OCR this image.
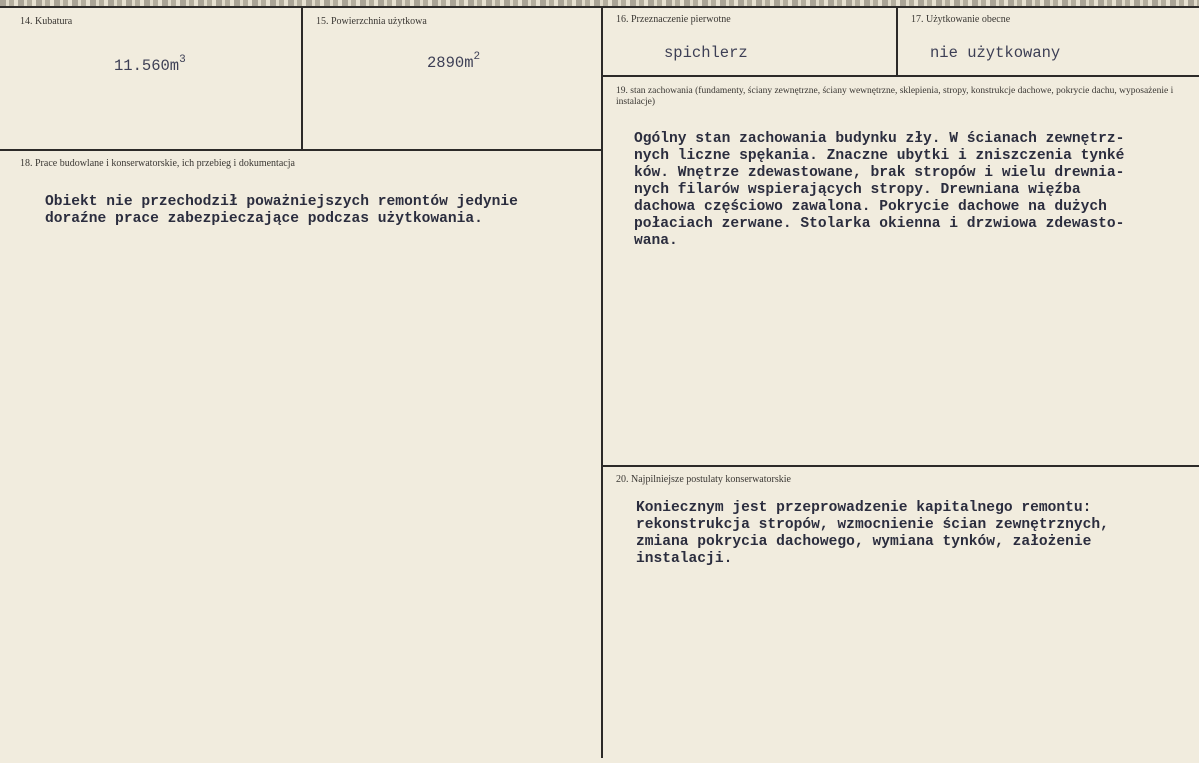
14. Kubatura
$11.560m^3$
15. Powierzchnia użytkowa
$2890m^2$
16. Przeznaczenie pierwotne
spichlerz
17. Użytkowanie obecne
nie użytkowany
19. stan zachowania (fundamenty, ściany zewnętrzne, ściany wewnętrzne, sklepienia, stropy, konstrukcje dachowe, pokrycie dachu, wyposażenie i instalacje)
Ogólny stan zachowania budynku zły. W ścianach zewnętrz-
nych liczne spękania. Znaczne ubytki i zniszczenia tynké
ków. Wnętrze zdewastowane, brak stropów i wielu drewnia-
nych filarów wspierających stropy. Drewniana więźba
dachowa częściowo zawalona. Pokrycie dachowe na dużych
połaciach zerwane. Stolarka okienna i drzwiowa zdewasto-
wana.
18. Prace budowlane i konserwatorskie, ich przebieg i dokumentacja
Obiekt nie przechodził poważniejszych remontów jedynie
doraźne prace zabezpieczające podczas użytkowania.
20. Najpilniejsze postulaty konserwatorskie
Koniecznym jest przeprowadzenie kapitalnego remontu:
rekonstrukcja stropów, wzmocnienie ścian zewnętrznych,
zmiana pokrycia dachowego, wymiana tynków, założenie
instalacji.
